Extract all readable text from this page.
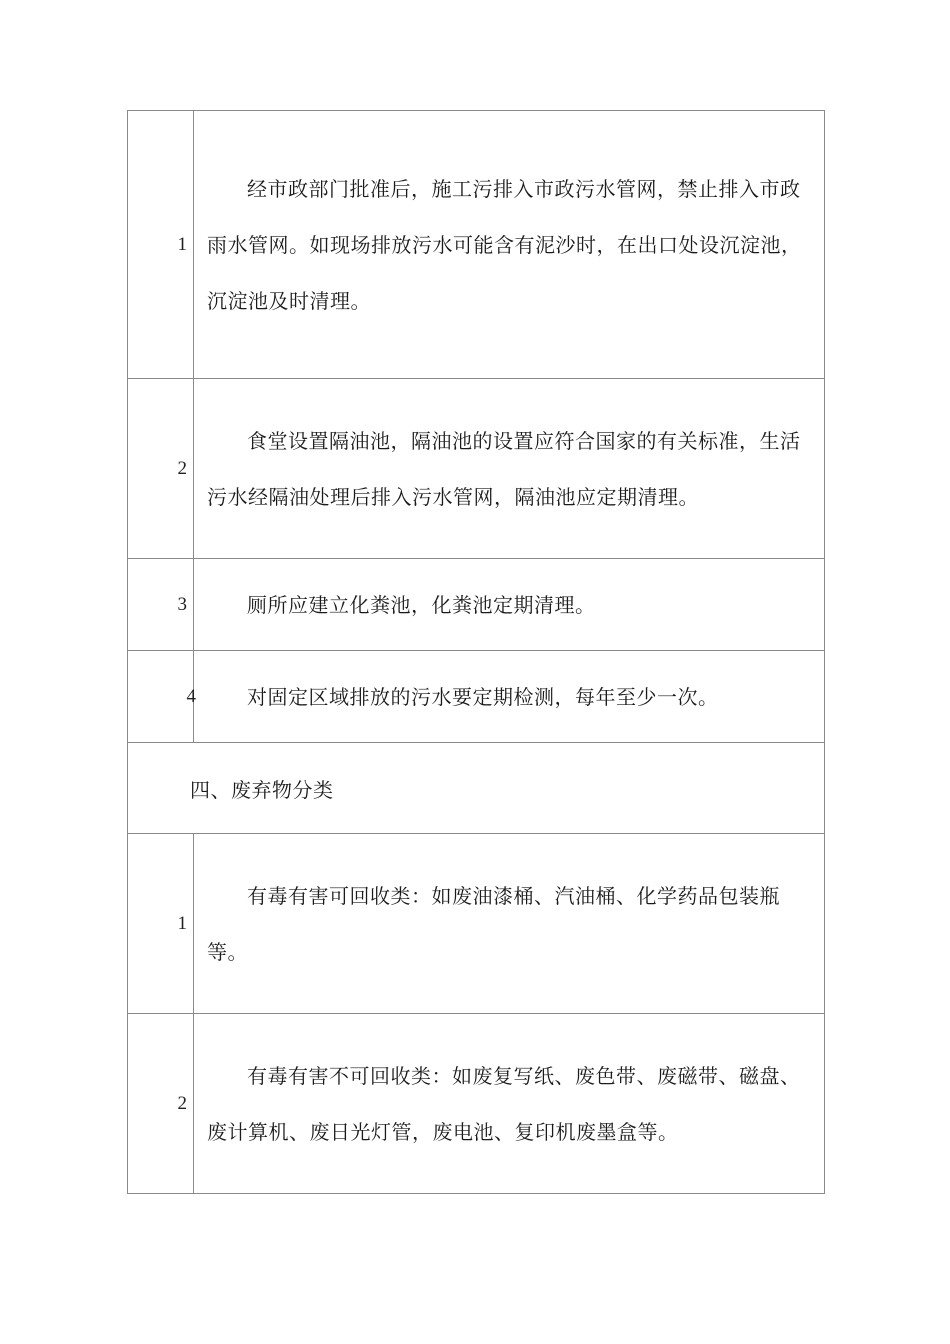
1	经市政部门批准后，施工污排入市政污水管网，禁止排入市政雨水管网。如现场排放污水可能含有泥沙时，在出口处设沉淀池，沉淀池及时清理。
2	食堂设置隔油池，隔油池的设置应符合国家的有关标准，生活污水经隔油处理后排入污水管网，隔油池应定期清理。
3	厕所应建立化粪池，化粪池定期清理。
4	对固定区域排放的污水要定期检测，每年至少一次。
四、废弃物分类	
1	有毒有害可回收类：如废油漆桶、汽油桶、化学药品包装瓶等。
2	有毒有害不可回收类：如废复写纸、废色带、废磁带、磁盘、废计算机、废日光灯管，废电池、复印机废墨盒等。
